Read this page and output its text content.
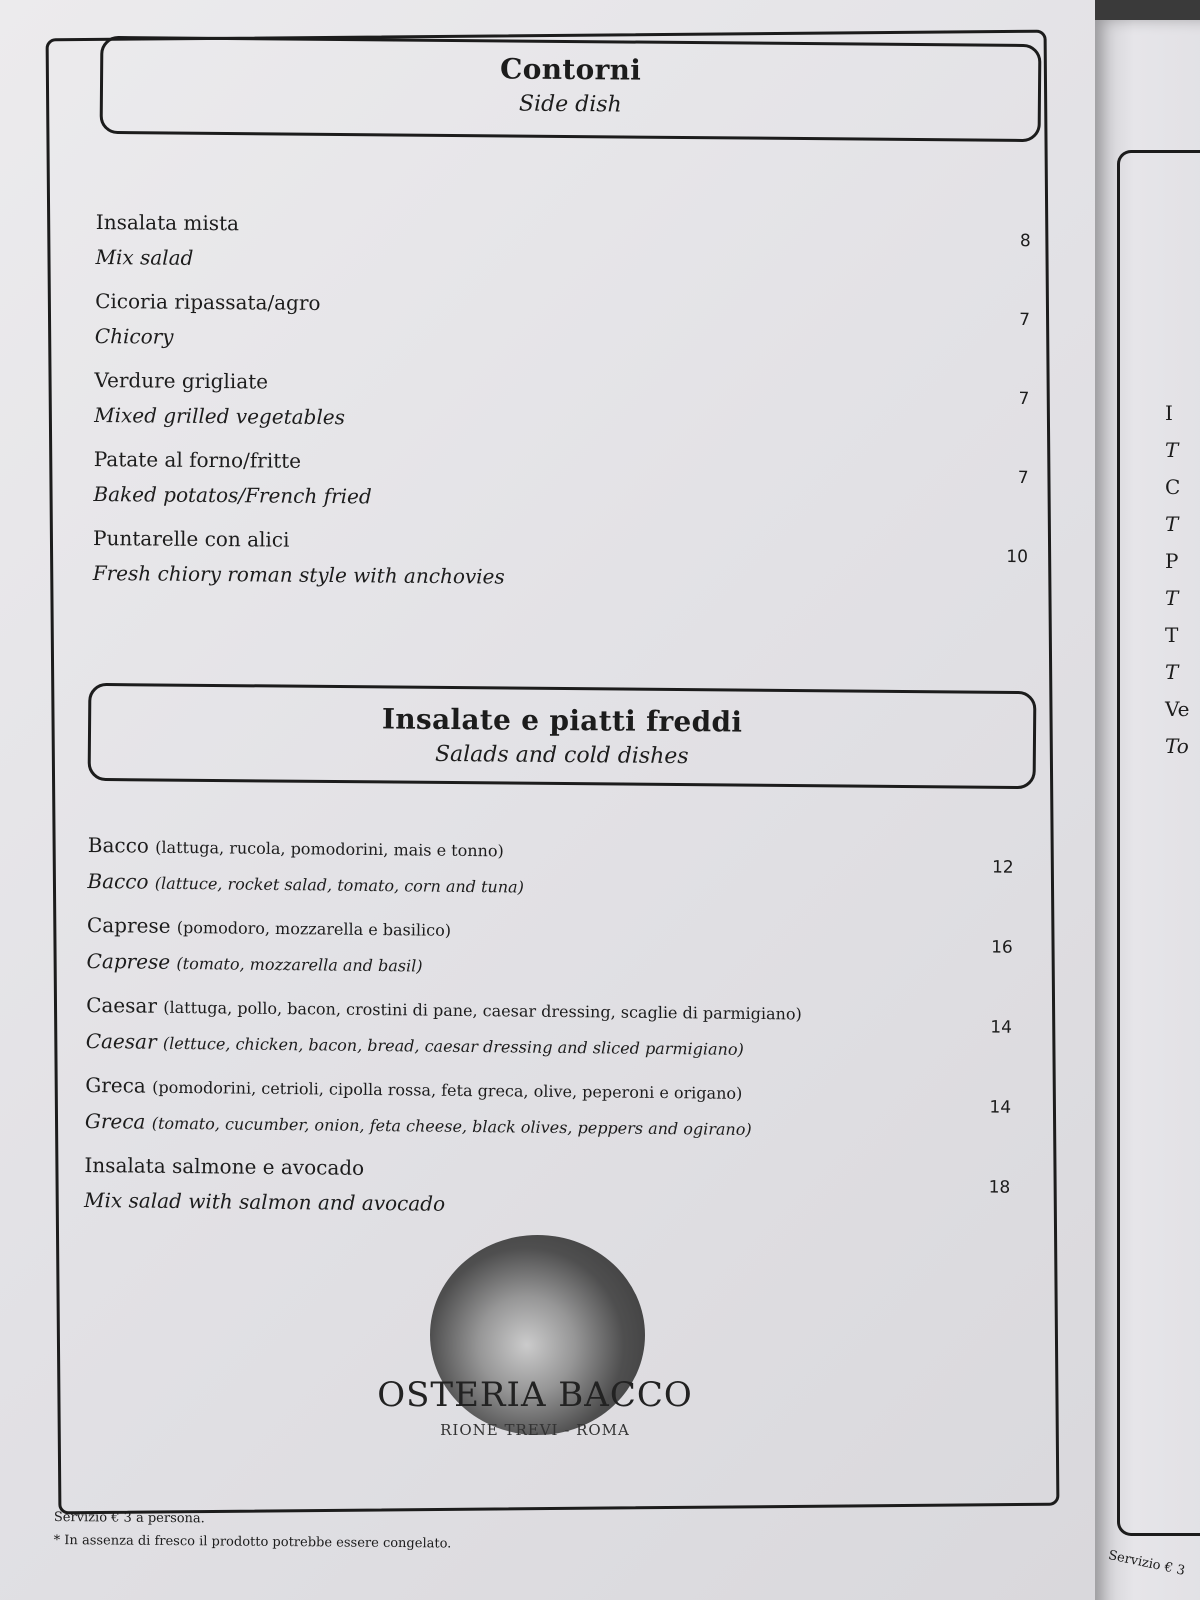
I
T
C
T
P
T
T
T
Ve
To
Servizio € 3
Contorni
Side dish
Insalata mista
Mix salad
8
Cicoria ripassata/agro
Chicory
7
Verdure grigliate
Mixed grilled vegetables
7
Patate al forno/fritte
Baked potatos/French fried
7
Puntarelle con alici
Fresh chiory roman style with anchovies
10
Insalate e piatti freddi
Salads and cold dishes
Bacco (lattuga, rucola, pomodorini, mais e tonno)
Bacco (lattuce, rocket salad, tomato, corn and tuna)
12
Caprese (pomodoro, mozzarella e basilico)
Caprese (tomato, mozzarella and basil)
16
Caesar (lattuga, pollo, bacon, crostini di pane, caesar dressing, scaglie di parmigiano)
Caesar (lettuce, chicken, bacon, bread, caesar dressing and sliced parmigiano)
14
Greca (pomodorini, cetrioli, cipolla rossa, feta greca, olive, peperoni e origano)
Greca (tomato, cucumber, onion, feta cheese, black olives, peppers and ogirano)
14
Insalata salmone e avocado
Mix salad with salmon and avocado
18
OSTERIA BACCO
RIONE TREVI - ROMA
Servizio € 3 a persona.
* In assenza di fresco il prodotto potrebbe essere congelato.
